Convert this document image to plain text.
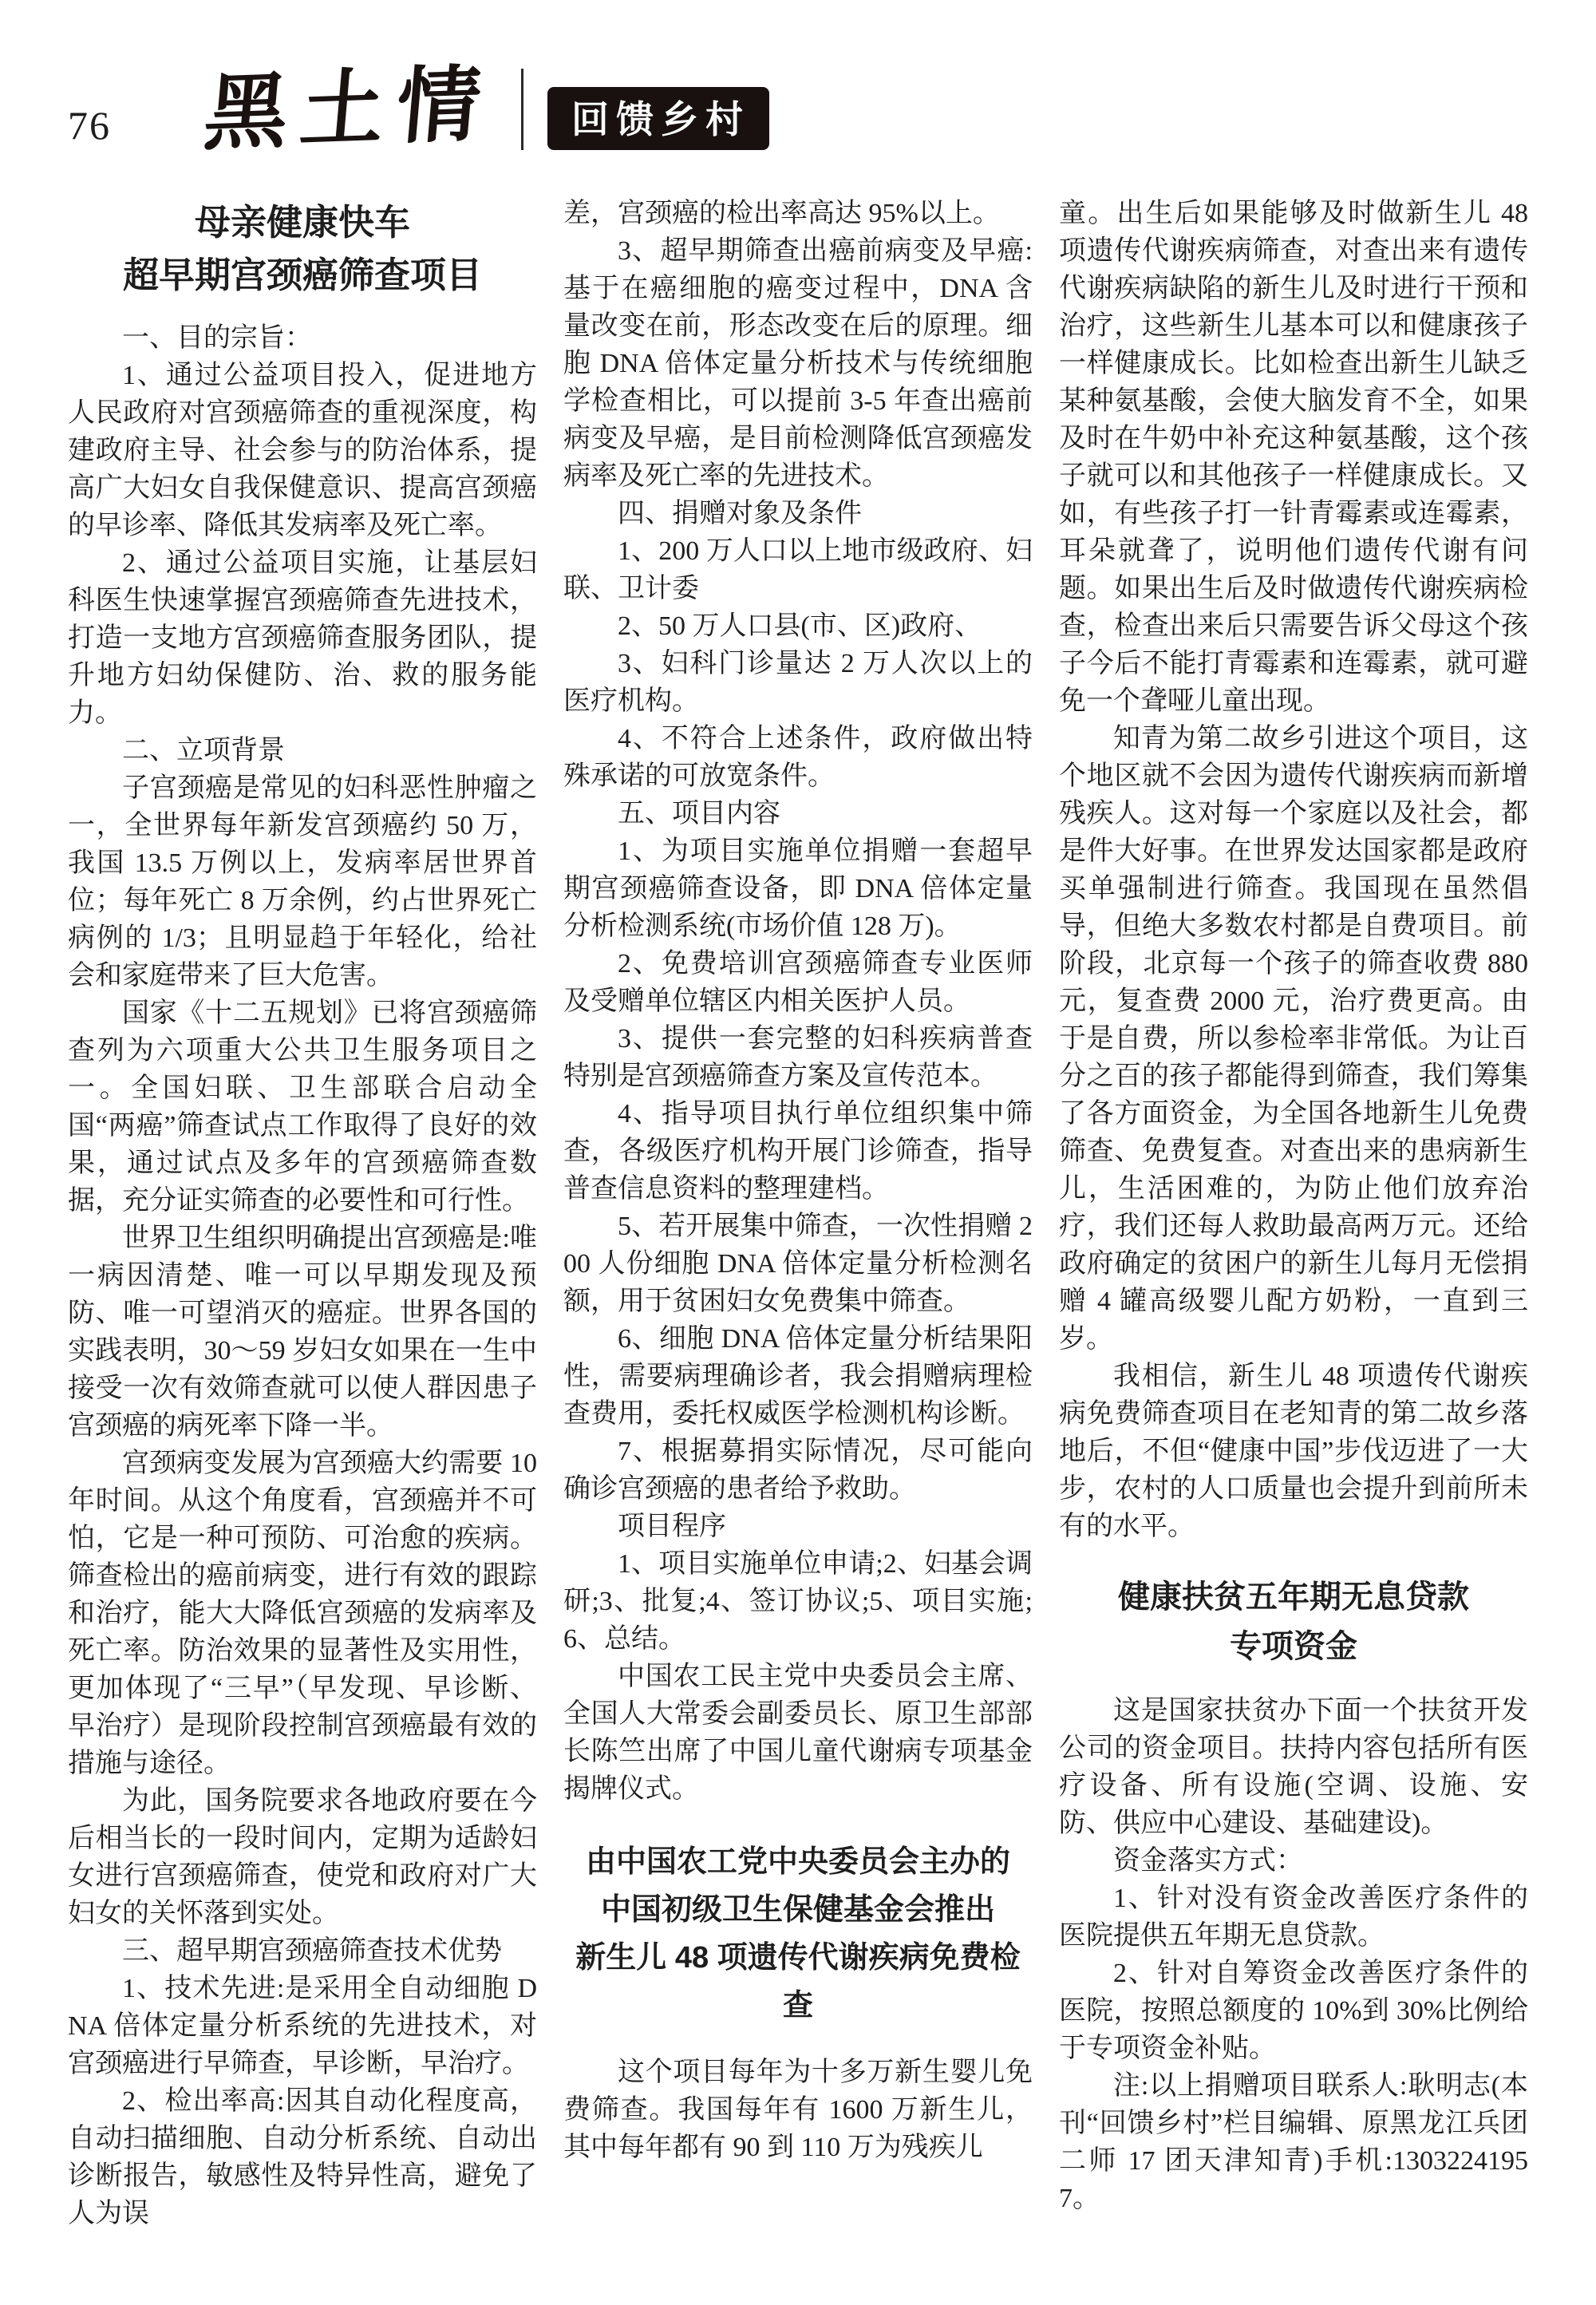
76 黑土情	回馈乡村
母亲健康快车
超早期宫颈癌筛查项目

一、目的宗旨：

1、通过公益项目投入，促进地方人民政府对宫颈癌筛查的重视深度，构建政府主导、社会参与的防治体系，提高广大妇女自我保健意识、提高宫颈癌的早诊率、降低其发病率及死亡率。

2、通过公益项目实施，让基层妇科医生快速掌握宫颈癌筛查先进技术，打造一支地方宫颈癌筛查服务团队，提升地方妇幼保健防、治、救的服务能力。

二、立项背景

子宫颈癌是常见的妇科恶性肿瘤之一，全世界每年新发宫颈癌约 50 万，我国 13.5 万例以上，发病率居世界首位；每年死亡 8 万余例，约占世界死亡病例的 1/3；且明显趋于年轻化，给社会和家庭带来了巨大危害。

国家《十二五规划》已将宫颈癌筛查列为六项重大公共卫生服务项目之一。全国妇联、卫生部联合启动全国“两癌”筛查试点工作取得了良好的效果，通过试点及多年的宫颈癌筛查数据，充分证实筛查的必要性和可行性。

世界卫生组织明确提出宫颈癌是:唯一病因清楚、唯一可以早期发现及预防、唯一可望消灭的癌症。世界各国的实践表明，30～59 岁妇女如果在一生中接受一次有效筛查就可以使人群因患子宫颈癌的病死率下降一半。

宫颈病变发展为宫颈癌大约需要 10 年时间。从这个角度看，宫颈癌并不可怕，它是一种可预防、可治愈的疾病。筛查检出的癌前病变，进行有效的跟踪和治疗，能大大降低宫颈癌的发病率及死亡率。防治效果的显著性及实用性，更加体现了“三早”（早发现、早诊断、早治疗）是现阶段控制宫颈癌最有效的措施与途径。

为此，国务院要求各地政府要在今后相当长的一段时间内，定期为适龄妇女进行宫颈癌筛查，使党和政府对广大妇女的关怀落到实处。

三、超早期宫颈癌筛查技术优势

1、技术先进:是采用全自动细胞 DNA 倍体定量分析系统的先进技术，对宫颈癌进行早筛查，早诊断，早治疗。

2、检出率高:因其自动化程度高，自动扫描细胞、自动分析系统、自动出诊断报告，敏感性及特异性高，避免了人为误

差，宫颈癌的检出率高达 95%以上。

3、超早期筛查出癌前病变及早癌:基于在癌细胞的癌变过程中，DNA 含量改变在前，形态改变在后的原理。细胞 DNA 倍体定量分析技术与传统细胞学检查相比，可以提前 3-5 年查出癌前病变及早癌，是目前检测降低宫颈癌发病率及死亡率的先进技术。

四、捐赠对象及条件

1、200 万人口以上地市级政府、妇联、卫计委

2、50 万人口县(市、区)政府、

3、妇科门诊量达 2 万人次以上的医疗机构。

4、不符合上述条件，政府做出特殊承诺的可放宽条件。

五、项目内容

1、为项目实施单位捐赠一套超早期宫颈癌筛查设备，即 DNA 倍体定量分析检测系统(市场价值 128 万)。

2、免费培训宫颈癌筛查专业医师及受赠单位辖区内相关医护人员。

3、提供一套完整的妇科疾病普查特别是宫颈癌筛查方案及宣传范本。

4、指导项目执行单位组织集中筛查，各级医疗机构开展门诊筛查，指导普查信息资料的整理建档。

5、若开展集中筛查，一次性捐赠 200 人份细胞 DNA 倍体定量分析检测名额，用于贫困妇女免费集中筛查。

6、细胞 DNA 倍体定量分析结果阳性，需要病理确诊者，我会捐赠病理检查费用，委托权威医学检测机构诊断。

7、根据募捐实际情况，尽可能向确诊宫颈癌的患者给予救助。

项目程序

1、项目实施单位申请;2、妇基会调研;3、批复;4、签订协议;5、项目实施;6、总结。

中国农工民主党中央委员会主席、全国人大常委会副委员长、原卫生部部长陈竺出席了中国儿童代谢病专项基金揭牌仪式。

由中国农工党中央委员会主办的
中国初级卫生保健基金会推出
新生儿 48 项遗传代谢疾病免费检查

这个项目每年为十多万新生婴儿免费筛查。我国每年有 1600 万新生儿，其中每年都有 90 到 110 万为残疾儿

童。出生后如果能够及时做新生儿 48 项遗传代谢疾病筛查，对查出来有遗传代谢疾病缺陷的新生儿及时进行干预和治疗，这些新生儿基本可以和健康孩子一样健康成长。比如检查出新生儿缺乏某种氨基酸，会使大脑发育不全，如果及时在牛奶中补充这种氨基酸，这个孩子就可以和其他孩子一样健康成长。又如，有些孩子打一针青霉素或连霉素，耳朵就聋了，说明他们遗传代谢有问题。如果出生后及时做遗传代谢疾病检查，检查出来后只需要告诉父母这个孩子今后不能打青霉素和连霉素，就可避免一个聋哑儿童出现。

知青为第二故乡引进这个项目，这个地区就不会因为遗传代谢疾病而新增残疾人。这对每一个家庭以及社会，都是件大好事。在世界发达国家都是政府买单强制进行筛查。我国现在虽然倡导，但绝大多数农村都是自费项目。前阶段，北京每一个孩子的筛查收费 880 元，复查费 2000 元，治疗费更高。由于是自费，所以参检率非常低。为让百分之百的孩子都能得到筛查，我们筹集了各方面资金，为全国各地新生儿免费筛查、免费复查。对查出来的患病新生儿，生活困难的，为防止他们放弃治疗，我们还每人救助最高两万元。还给政府确定的贫困户的新生儿每月无偿捐赠 4 罐高级婴儿配方奶粉，一直到三岁。

我相信，新生儿 48 项遗传代谢疾病免费筛查项目在老知青的第二故乡落地后，不但“健康中国”步伐迈进了一大步，农村的人口质量也会提升到前所未有的水平。

健康扶贫五年期无息贷款
专项资金

这是国家扶贫办下面一个扶贫开发公司的资金项目。扶持内容包括所有医疗设备、所有设施(空调、设施、安防、供应中心建设、基础建设)。

资金落实方式：

1、针对没有资金改善医疗条件的医院提供五年期无息贷款。

2、针对自筹资金改善医疗条件的医院，按照总额度的 10%到 30%比例给于专项资金补贴。

注:以上捐赠项目联系人:耿明志(本刊“回馈乡村”栏目编辑、原黑龙江兵团二师 17 团天津知青)手机:13032241957。
